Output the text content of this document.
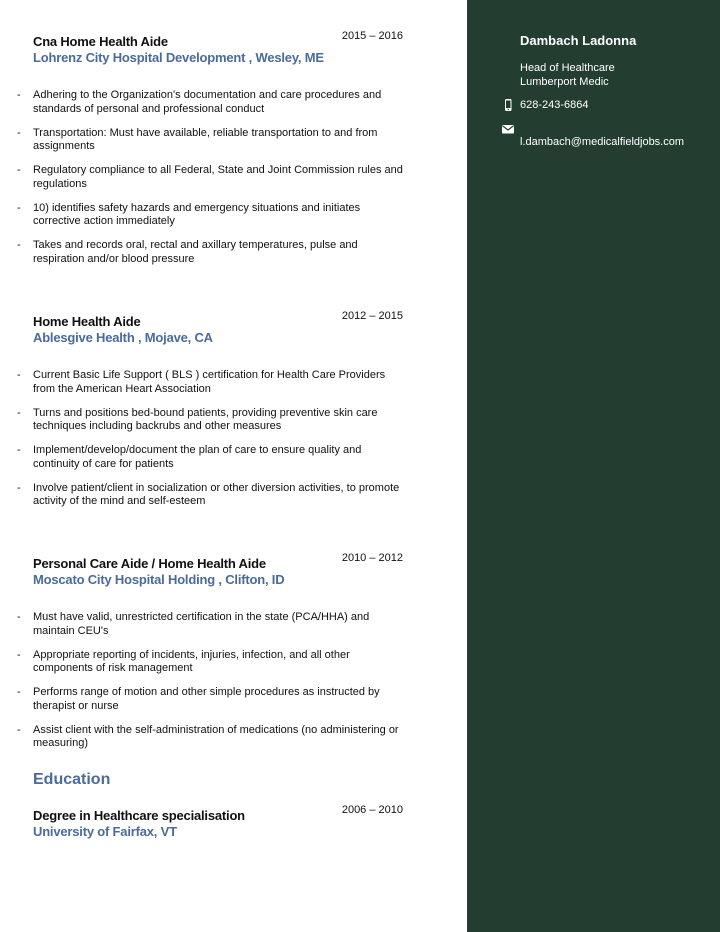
Cna Home Health Aide	2015 – 2016
Lohrenz City Hospital Development , Wesley, ME
- Adhering to the Organization's documentation and care procedures and standards of personal and professional conduct
- Transportation: Must have available, reliable transportation to and from assignments
- Regulatory compliance to all Federal, State and Joint Commission rules and regulations
- 10) identifies safety hazards and emergency situations and initiates corrective action immediately
- Takes and records oral, rectal and axillary temperatures, pulse and respiration and/or blood pressure
Home Health Aide	2012 – 2015
Ablesgive Health , Mojave, CA
- Current Basic Life Support ( BLS ) certification for Health Care Providers from the American Heart Association
- Turns and positions bed-bound patients, providing preventive skin care techniques including backrubs and other measures
- Implement/develop/document the plan of care to ensure quality and continuity of care for patients
- Involve patient/client in socialization or other diversion activities, to promote activity of the mind and self-esteem
Personal Care Aide / Home Health Aide	2010 – 2012
Moscato City Hospital Holding , Clifton, ID
- Must have valid, unrestricted certification in the state (PCA/HHA) and maintain CEU's
- Appropriate reporting of incidents, injuries, infection, and all other components of risk management
- Performs range of motion and other simple procedures as instructed by therapist or nurse
- Assist client with the self-administration of medications (no administering or measuring)
Education
Degree in Healthcare specialisation	2006 – 2010
University of Fairfax, VT
Dambach Ladonna
Head of Healthcare
Lumberport Medic
628-243-6864
l.dambach@medicalfieldjobs.com
